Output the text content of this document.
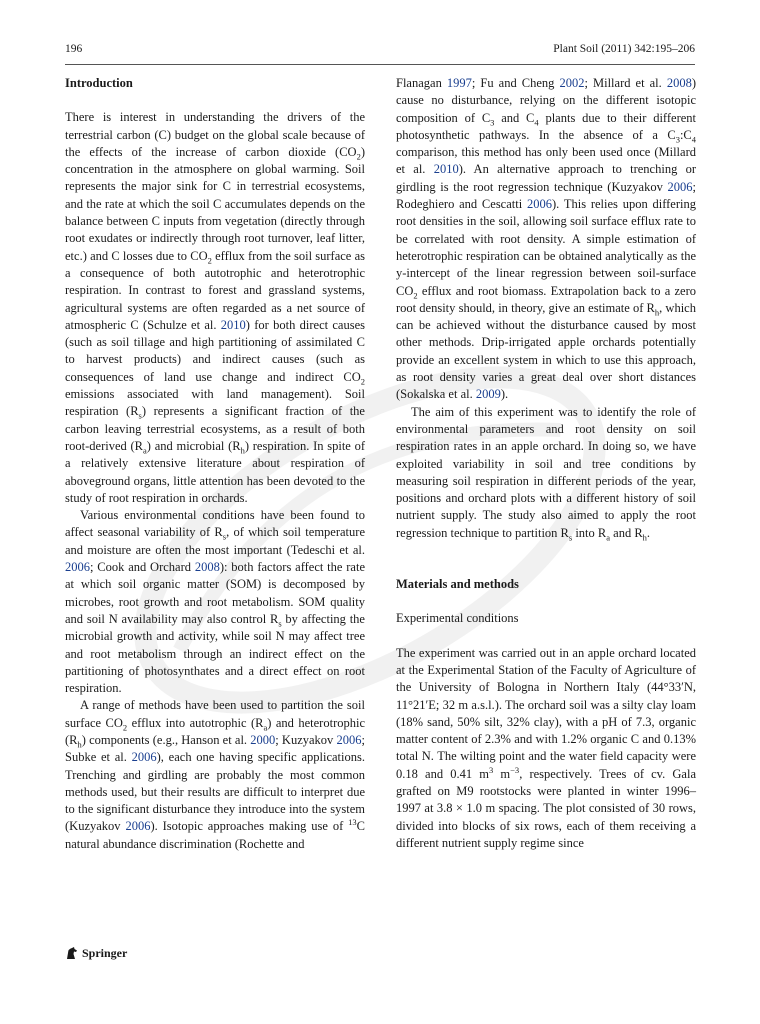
196	Plant Soil (2011) 342:195–206
Introduction

There is interest in understanding the drivers of the terrestrial carbon (C) budget on the global scale because of the effects of the increase of carbon dioxide $(CO_2)$ concentration in the atmosphere on global warming. Soil represents the major sink for C in terrestrial ecosystems, and the rate at which the soil C accumulates depends on the balance between C inputs from vegetation (directly through root exudates or indirectly through root turnover, leaf litter, etc.) and C losses due to $CO_2$ efflux from the soil surface as a consequence of both autotrophic and heterotrophic respiration. In contrast to forest and grassland systems, agricultural systems are often regarded as a net source of atmospheric C (Schulze et al. 2010) for both direct causes (such as soil tillage and high partitioning of assimilated C to harvest products) and indirect causes (such as consequences of land use change and indirect $CO_2$ emissions associated with land management). Soil respiration $(R_s)$ represents a significant fraction of the carbon leaving terrestrial ecosystems, as a result of both root-derived $(R_a)$ and microbial $(R_h)$ respiration. In spite of a relatively extensive literature about respiration of aboveground organs, little attention has been devoted to the study of root respiration in orchards.

Various environmental conditions have been found to affect seasonal variability of $R_s$, of which soil temperature and moisture are often the most important (Tedeschi et al. 2006; Cook and Orchard 2008): both factors affect the rate at which soil organic matter (SOM) is decomposed by microbes, root growth and root metabolism. SOM quality and soil N availability may also control $R_s$ by affecting the microbial growth and activity, while soil N may affect tree and root metabolism through an indirect effect on the partitioning of photosynthates and a direct effect on root respiration.

A range of methods have been used to partition the soil surface $CO_2$ efflux into autotrophic $(R_a)$ and heterotrophic $(R_h)$ components (e.g., Hanson et al. 2000; Kuzyakov 2006; Subke et al. 2006), each one having specific applications. Trenching and girdling are probably the most common methods used, but their results are difficult to interpret due to the significant disturbance they introduce into the system (Kuzyakov 2006). Isotopic approaches making use of $^{13}$C natural abundance discrimination (Rochette and

Flanagan 1997; Fu and Cheng 2002; Millard et al. 2008) cause no disturbance, relying on the different isotopic composition of $C_3$ and $C_4$ plants due to their different photosynthetic pathways. In the absence of a $C_3:C_4$ comparison, this method has only been used once (Millard et al. 2010). An alternative approach to trenching or girdling is the root regression technique (Kuzyakov 2006; Rodeghiero and Cescatti 2006). This relies upon differing root densities in the soil, allowing soil surface efflux rate to be correlated with root density. A simple estimation of heterotrophic respiration can be obtained analytically as the y-intercept of the linear regression between soil-surface $CO_2$ efflux and root biomass. Extrapolation back to a zero root density should, in theory, give an estimate of $R_h$, which can be achieved without the disturbance caused by most other methods. Drip-irrigated apple orchards potentially provide an excellent system in which to use this approach, as root density varies a great deal over short distances (Sokalska et al. 2009).

The aim of this experiment was to identify the role of environmental parameters and root density on soil respiration rates in an apple orchard. In doing so, we have exploited variability in soil and tree conditions by measuring soil respiration in different periods of the year, positions and orchard plots with a different history of soil nutrient supply. The study also aimed to apply the root regression technique to partition $R_s$ into $R_a$ and $R_h$.

Materials and methods
Experimental conditions

The experiment was carried out in an apple orchard located at the Experimental Station of the Faculty of Agriculture of the University of Bologna in Northern Italy (44°33′N, 11°21′E; 32 m a.s.l.). The orchard soil was a silty clay loam (18% sand, 50% silt, 32% clay), with a pH of 7.3, organic matter content of 2.3% and with 1.2% organic C and 0.13% total N. The wilting point and the water field capacity were 0.18 and 0.41 $m^3$ $m^{-3}$, respectively. Trees of cv. Gala grafted on M9 rootstocks were planted in winter 1996–1997 at 3.8 × 1.0 m spacing. The plot consisted of 30 rows, divided into blocks of six rows, each of them receiving a different nutrient supply regime since

Springer
